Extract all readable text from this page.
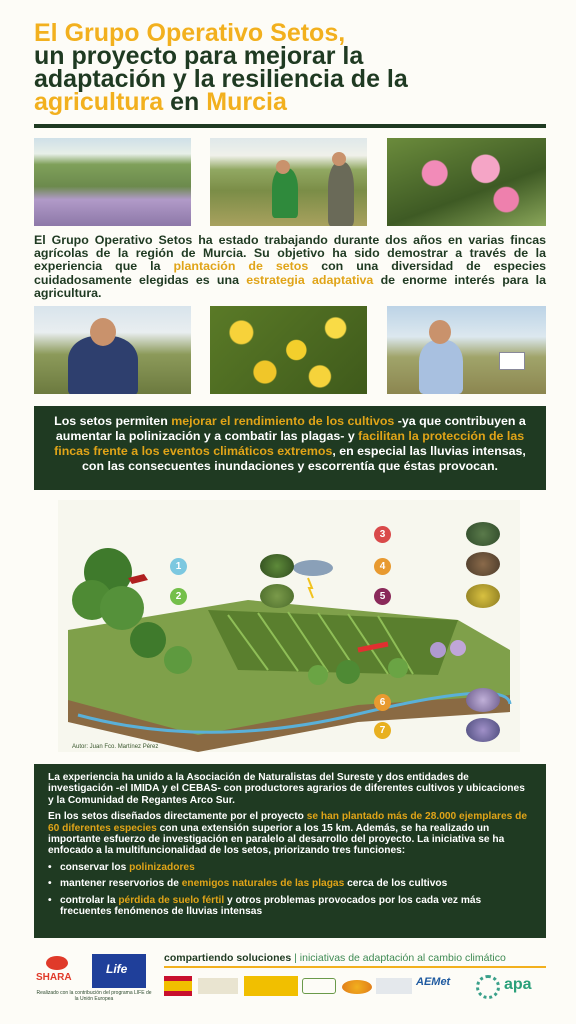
El Grupo Operativo Setos,
un proyecto para mejorar la
adaptación y la resiliencia de la
agricultura en Murcia
El Grupo Operativo Setos ha estado trabajando durante dos años en varias fincas agrícolas de la región de Murcia. Su objetivo ha sido demostrar a través de la experiencia que la plantación de setos con una diversidad de especies cuidadosamente elegidas es una estrategia adaptativa de enorme interés para la agricultura.
Los setos permiten mejorar el rendimiento de los cultivos -ya que contribuyen a aumentar la polinización y a combatir las plagas- y facilitan la protección de las fincas frente a los eventos climáticos extremos, en especial las lluvias intensas, con las consecuentes inundaciones y escorrentía que éstas provocan.
Autor: Juan Fco. Martínez Pérez
1
2
3
4
5
6
7

La experiencia ha unido a la Asociación de Naturalistas del Sureste y dos entidades de investigación -el IMIDA y el CEBAS- con productores agrarios de diferentes cultivos y ubicaciones y la Comunidad de Regantes Arco Sur.

En los setos diseñados directamente por el proyecto se han plantado más de 28.000 ejemplares de 60 diferentes especies con una extensión superior a los 15 km. Además, se ha realizado un importante esfuerzo de investigación en paralelo al desarrollo del proyecto. La iniciativa se ha enfocado a la multifuncionalidad de los setos, priorizando tres funciones:

• conservar los polinizadores
• mantener reservorios de enemigos naturales de las plagas cerca de los cultivos
• controlar la pérdida de suelo fértil y otros problemas provocados por los cada vez más frecuentes fenómenos de lluvias intensas
SHARA
Life
Realizado con la contribución del programa LIFE de la Unión Europea
compartiendo soluciones | iniciativas de adaptación al cambio climático
AEMet	apa
